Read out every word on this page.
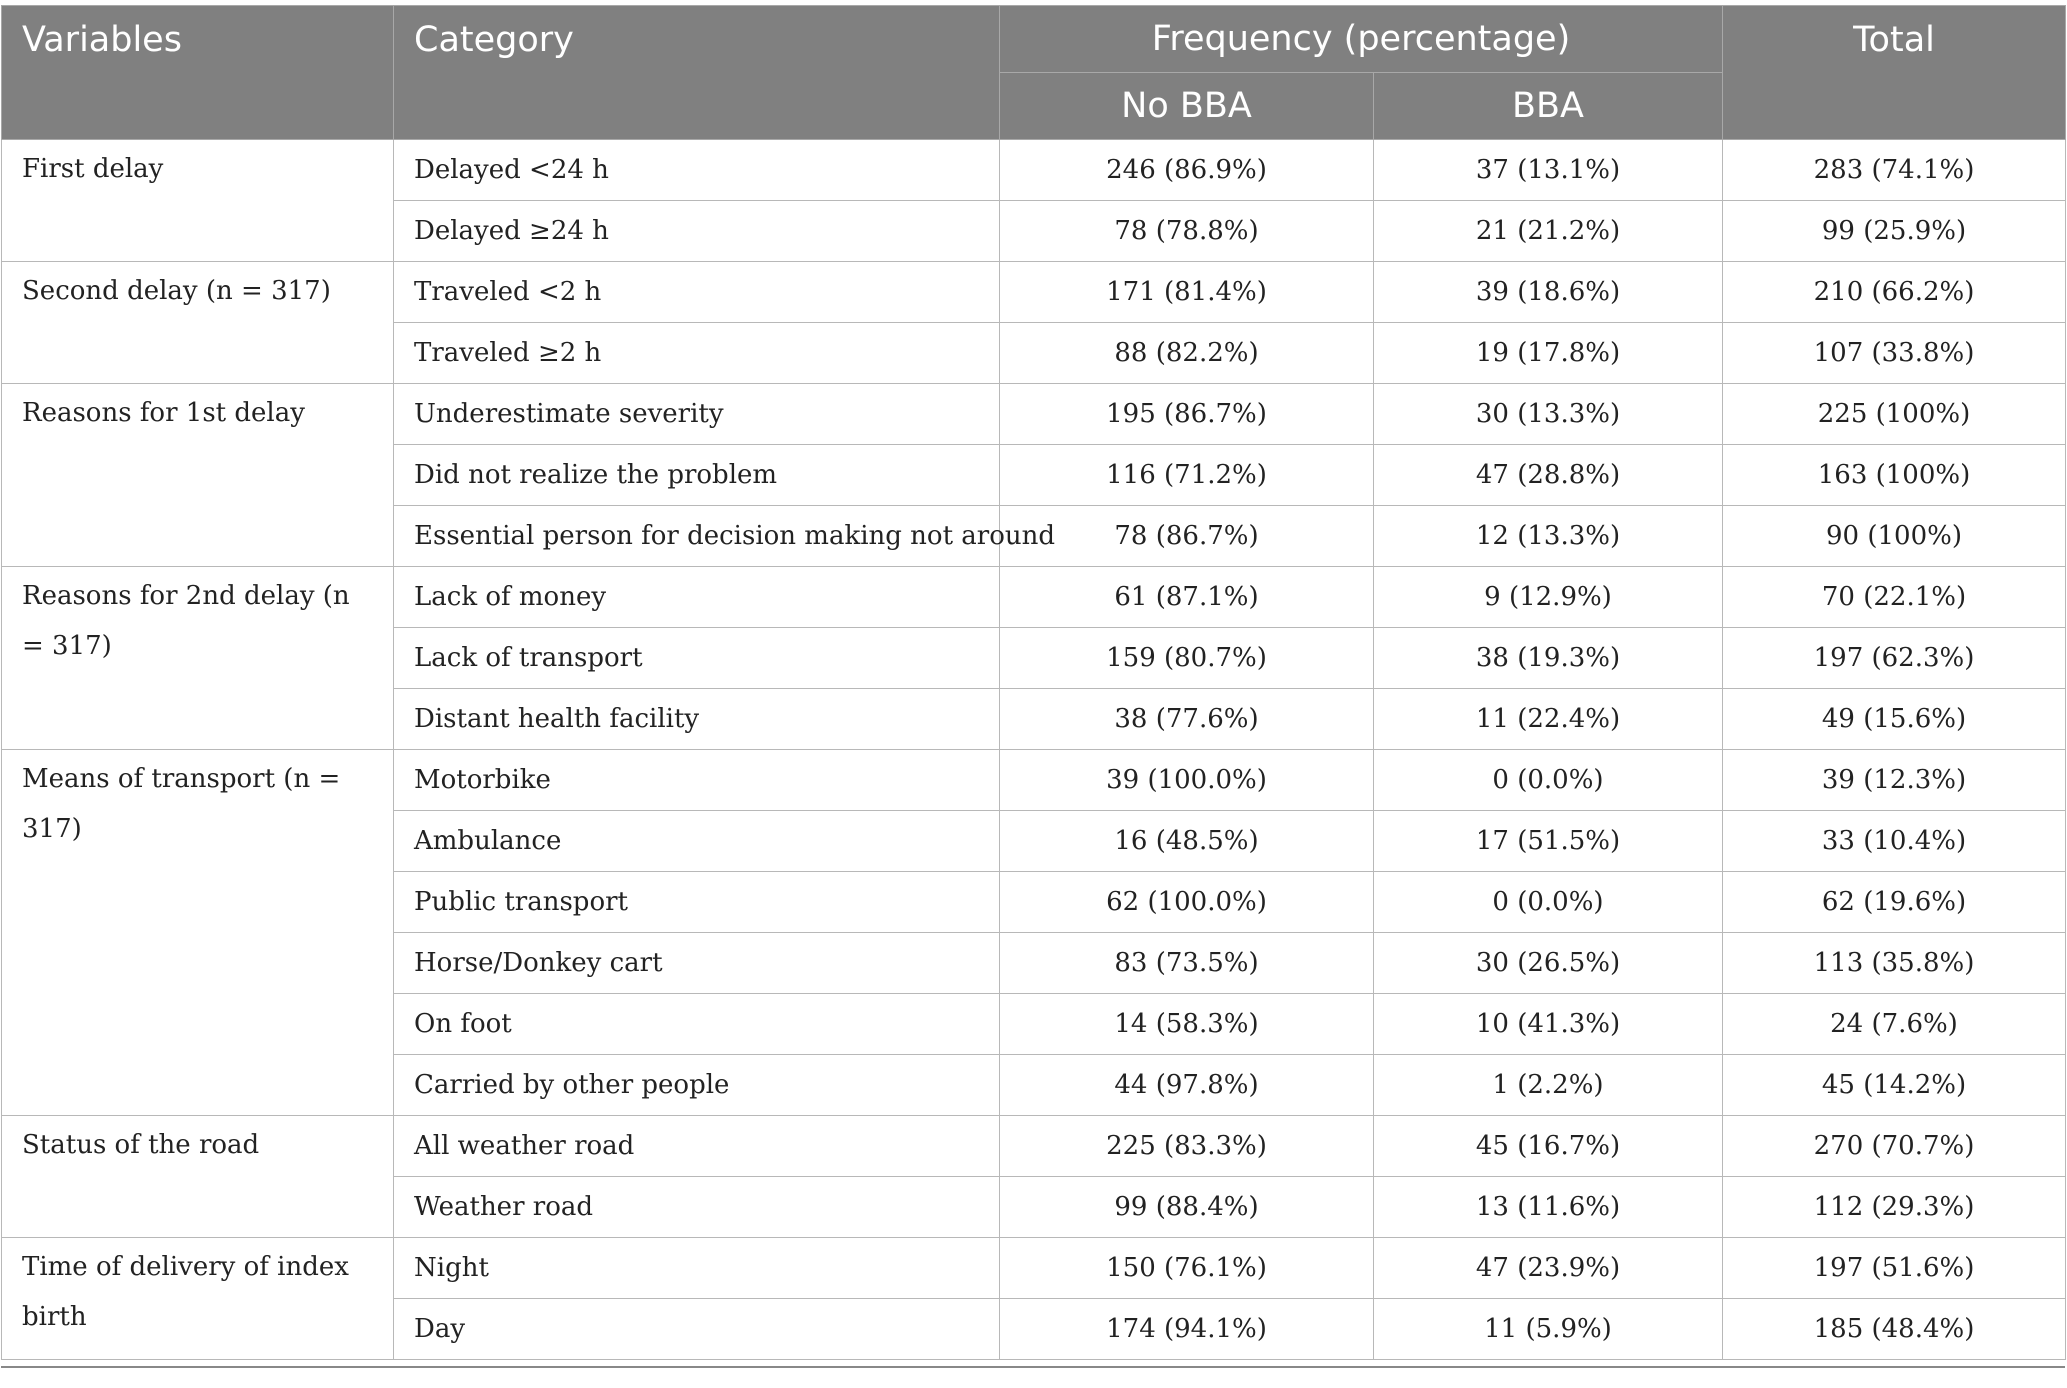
Variables	Category	Frequency (percentage)		Total
		No BBA	BBA	
First delay	Delayed <24 h	246 (86.9%)	37 (13.1%)	283 (74.1%)
	Delayed ≥24 h	78 (78.8%)	21 (21.2%)	99 (25.9%)
Second delay (n = 317)	Traveled <2 h	171 (81.4%)	39 (18.6%)	210 (66.2%)
	Traveled ≥2 h	88 (82.2%)	19 (17.8%)	107 (33.8%)
Reasons for 1st delay	Underestimate severity	195 (86.7%)	30 (13.3%)	225 (100%)
	Did not realize the problem	116 (71.2%)	47 (28.8%)	163 (100%)
	Essential person for decision making not around	78 (86.7%)	12 (13.3%)	90 (100%)
Reasons for 2nd delay (n = 317)	Lack of money	61 (87.1%)	9 (12.9%)	70 (22.1%)
	Lack of transport	159 (80.7%)	38 (19.3%)	197 (62.3%)
	Distant health facility	38 (77.6%)	11 (22.4%)	49 (15.6%)
Means of transport (n = 317)	Motorbike	39 (100.0%)	0 (0.0%)	39 (12.3%)
	Ambulance	16 (48.5%)	17 (51.5%)	33 (10.4%)
	Public transport	62 (100.0%)	0 (0.0%)	62 (19.6%)
	Horse/Donkey cart	83 (73.5%)	30 (26.5%)	113 (35.8%)
	On foot	14 (58.3%)	10 (41.3%)	24 (7.6%)
	Carried by other people	44 (97.8%)	1 (2.2%)	45 (14.2%)
Status of the road	All weather road	225 (83.3%)	45 (16.7%)	270 (70.7%)
	Weather road	99 (88.4%)	13 (11.6%)	112 (29.3%)
Time of delivery of index birth	Night	150 (76.1%)	47 (23.9%)	197 (51.6%)
	Day	174 (94.1%)	11 (5.9%)	185 (48.4%)
